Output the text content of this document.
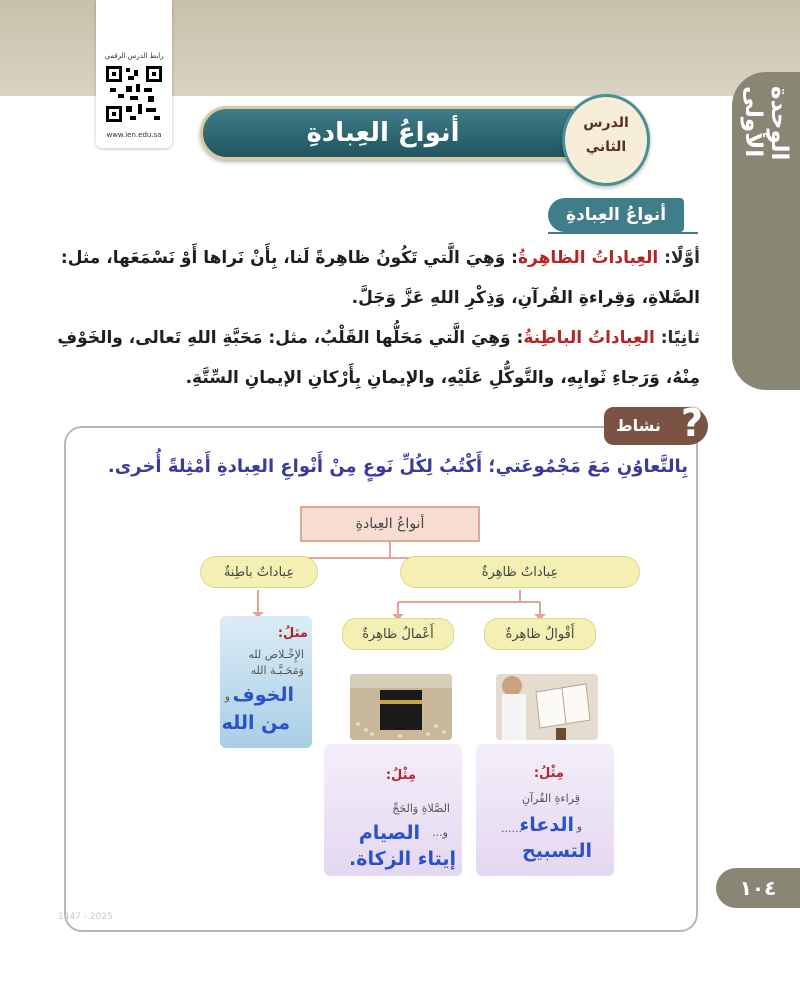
الوحدة الأولى
رابط الدرس الرقمي
www.ien.edu.sa	أنواعُ العِبادةِ	الدرس
الثاني
أنواعُ العِبادةِ
أوَّلًا: العِباداتُ الظاهِرةُ: وَهِيَ الَّتي تَكُونُ ظاهِرةً لَنا، بِأَنْ نَراها أَوْ نَسْمَعَها، مثل:
الصَّلاةِ، وَقِراءةِ القُرآنِ، وَذِكْرِ اللهِ عَزَّ وَجَلَّ.
ثانِيًا: العِباداتُ الباطِنةُ: وَهِيَ الَّتي مَحَلُّها القَلْبُ، مثل: مَحَبَّةِ اللهِ تَعالى، والخَوْفِ
مِنْهُ، وَرَجاءِ ثَوابِهِ، والتَّوكُّلِ عَلَيْهِ، والإيمانِ بِأَرْكانِ الإيمانِ السِّتَّةِ.
نشاط ?
بِالتَّعاوُنِ مَعَ مَجْمُوعَتي؛ أَكْتُبُ لِكُلِّ نَوعٍ مِنْ أَنْواعِ العِبادةِ أَمْثِلةً أُخرى.
أنواعُ العِبادةِ
عِباداتٌ باطِنةٌ	عِباداتٌ ظاهِرةٌ
أَعْمالٌ ظاهِرةٌ	أَقْوالٌ ظاهِرةٌ
مثلُ:
الإِخْـلاص لله
وَمَحَـبَّـة الله
و الخوف
من الله
مِثْلُ:
الصَّلاةِ وَالحَجِّ
و...
الصيام
إيتاء الزكاة.
مِثْلُ:
قِراءةِ القُرآنِ
و
الدعاء
......
التسبيح
١٠٤
1447 - 2025
